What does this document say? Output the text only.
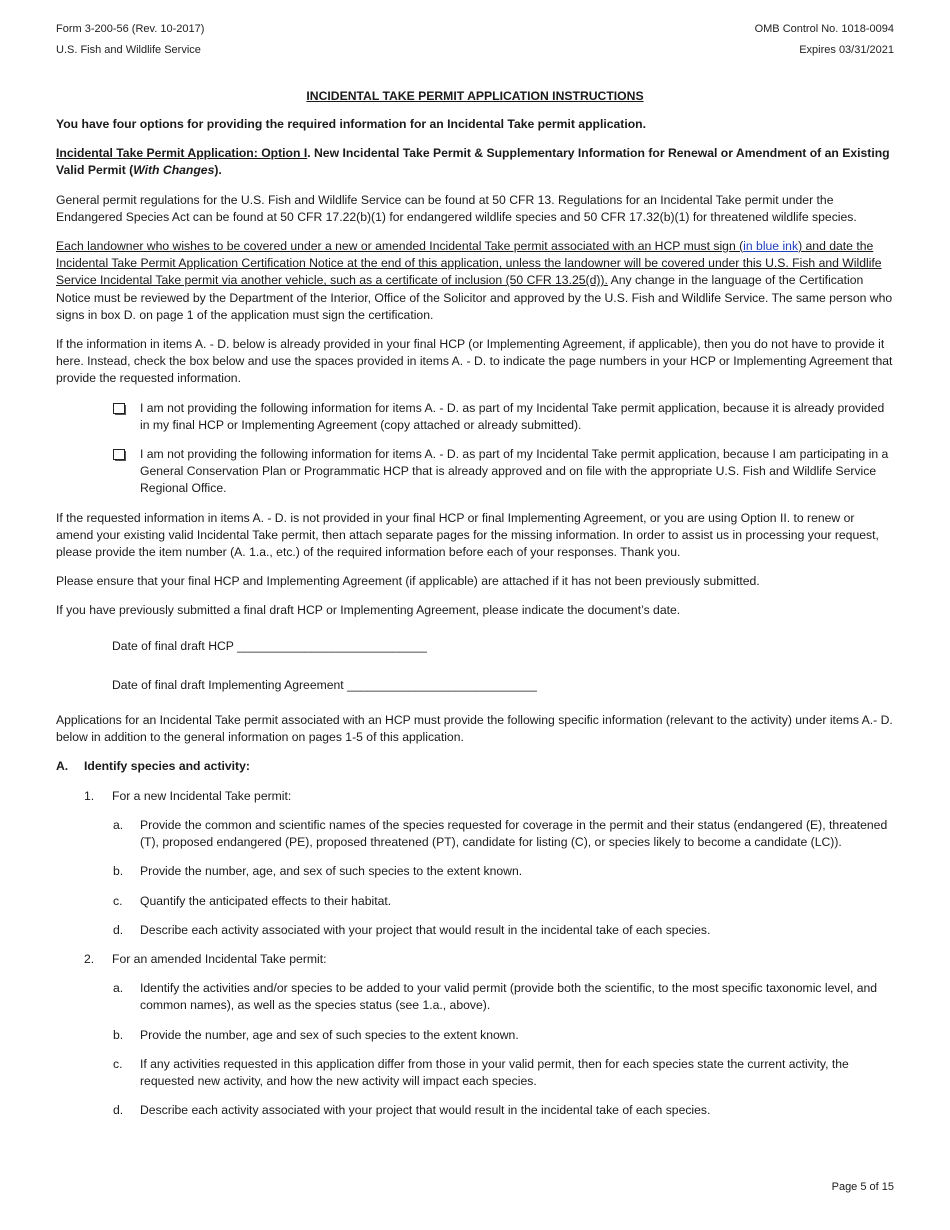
Form 3-200-56 (Rev. 10-2017)
U.S. Fish and Wildlife Service
OMB Control No. 1018-0094
Expires 03/31/2021
INCIDENTAL TAKE PERMIT APPLICATION INSTRUCTIONS

You have four options for providing the required information for an Incidental Take permit application.

Incidental Take Permit Application: Option I. New Incidental Take Permit & Supplementary Information for Renewal or Amendment of an Existing Valid Permit (With Changes).

General permit regulations for the U.S. Fish and Wildlife Service can be found at 50 CFR 13. Regulations for an Incidental Take permit under the Endangered Species Act can be found at 50 CFR 17.22(b)(1) for endangered wildlife species and 50 CFR 17.32(b)(1) for threatened wildlife species.

Each landowner who wishes to be covered under a new or amended Incidental Take permit associated with an HCP must sign (in blue ink) and date the Incidental Take Permit Application Certification Notice at the end of this application, unless the landowner will be covered under this U.S. Fish and Wildlife Service Incidental Take permit via another vehicle, such as a certificate of inclusion (50 CFR 13.25(d)). Any change in the language of the Certification Notice must be reviewed by the Department of the Interior, Office of the Solicitor and approved by the U.S. Fish and Wildlife Service. The same person who signs in box D. on page 1 of the application must sign the certification.

If the information in items A. - D. below is already provided in your final HCP (or Implementing Agreement, if applicable), then you do not have to provide it here. Instead, check the box below and use the spaces provided in items A. - D. to indicate the page numbers in your HCP or Implementing Agreement that provide the requested information.

I am not providing the following information for items A. - D. as part of my Incidental Take permit application, because it is already provided in my final HCP or Implementing Agreement (copy attached or already submitted).
I am not providing the following information for items A. - D. as part of my Incidental Take permit application, because I am participating in a General Conservation Plan or Programmatic HCP that is already approved and on file with the appropriate U.S. Fish and Wildlife Service Regional Office.

If the requested information in items A. - D. is not provided in your final HCP or final Implementing Agreement, or you are using Option II. to renew or amend your existing valid Incidental Take permit, then attach separate pages for the missing information. In order to assist us in processing your request, please provide the item number (A. 1.a., etc.) of the required information before each of your responses. Thank you.

Please ensure that your final HCP and Implementing Agreement (if applicable) are attached if it has not been previously submitted.

If you have previously submitted a final draft HCP or Implementing Agreement, please indicate the document’s date.

Date of final draft HCP ____________________________

Date of final draft Implementing Agreement ____________________________

Applications for an Incidental Take permit associated with an HCP must provide the following specific information (relevant to the activity) under items A.- D. below in addition to the general information on pages 1-5 of this application.

A. Identify species and activity:
1. For a new Incidental Take permit:
a. Provide the common and scientific names of the species requested for coverage in the permit and their status (endangered (E), threatened (T), proposed endangered (PE), proposed threatened (PT), candidate for listing (C), or species likely to become a candidate (LC)).
b. Provide the number, age, and sex of such species to the extent known.
c. Quantify the anticipated effects to their habitat.
d. Describe each activity associated with your project that would result in the incidental take of each species.
2. For an amended Incidental Take permit:
a. Identify the activities and/or species to be added to your valid permit (provide both the scientific, to the most specific taxonomic level, and common names), as well as the species status (see 1.a., above).
b. Provide the number, age and sex of such species to the extent known.
c. If any activities requested in this application differ from those in your valid permit, then for each species state the current activity, the requested new activity, and how the new activity will impact each species.
d. Describe each activity associated with your project that would result in the incidental take of each species.
Page 5 of 15
